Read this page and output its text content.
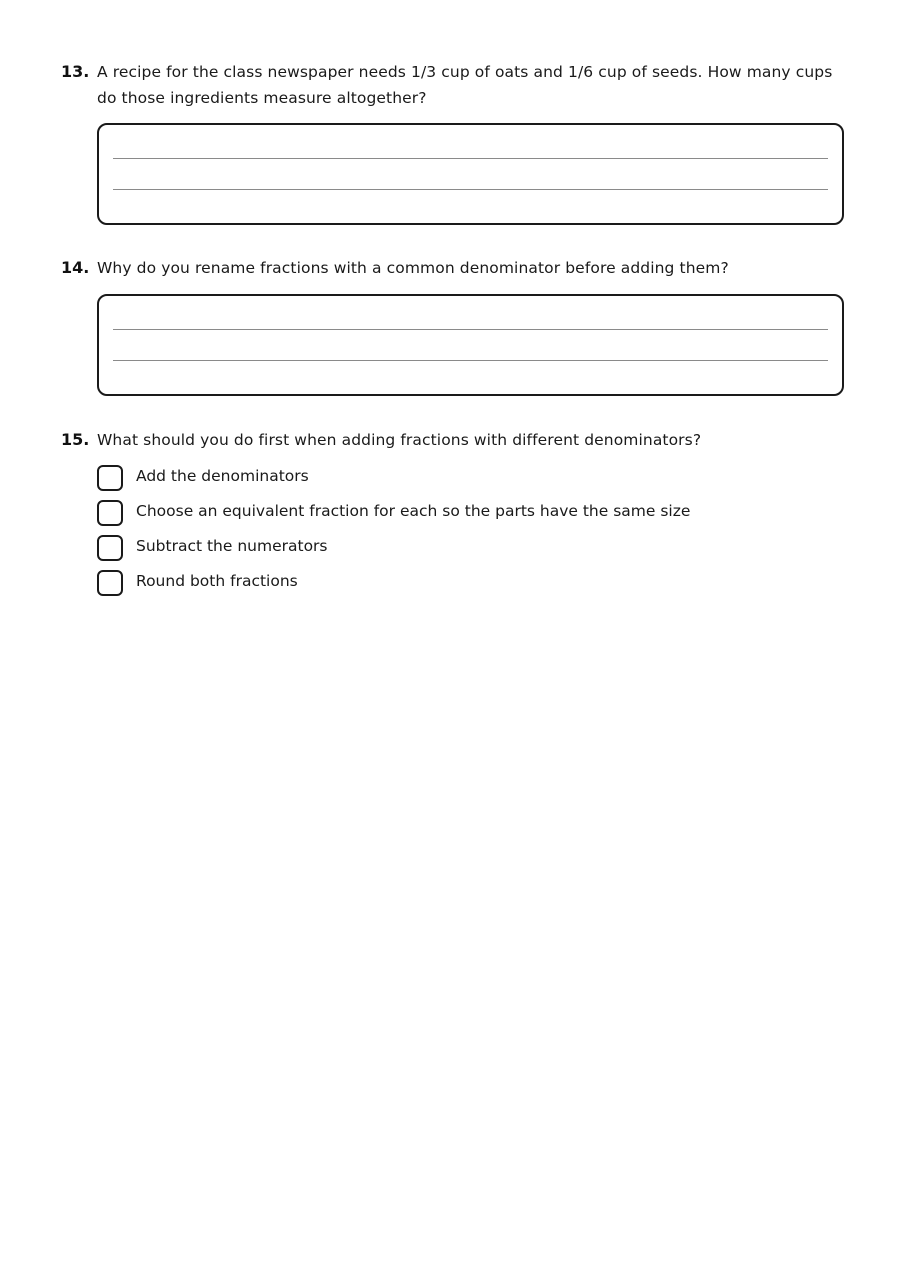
13. A recipe for the class newspaper needs 1/3 cup of oats and 1/6 cup of seeds. How many cups do those ingredients measure altogether?
14. Why do you rename fractions with a common denominator before adding them?
15. What should you do first when adding fractions with different denominators?
Add the denominators
Choose an equivalent fraction for each so the parts have the same size
Subtract the numerators
Round both fractions
